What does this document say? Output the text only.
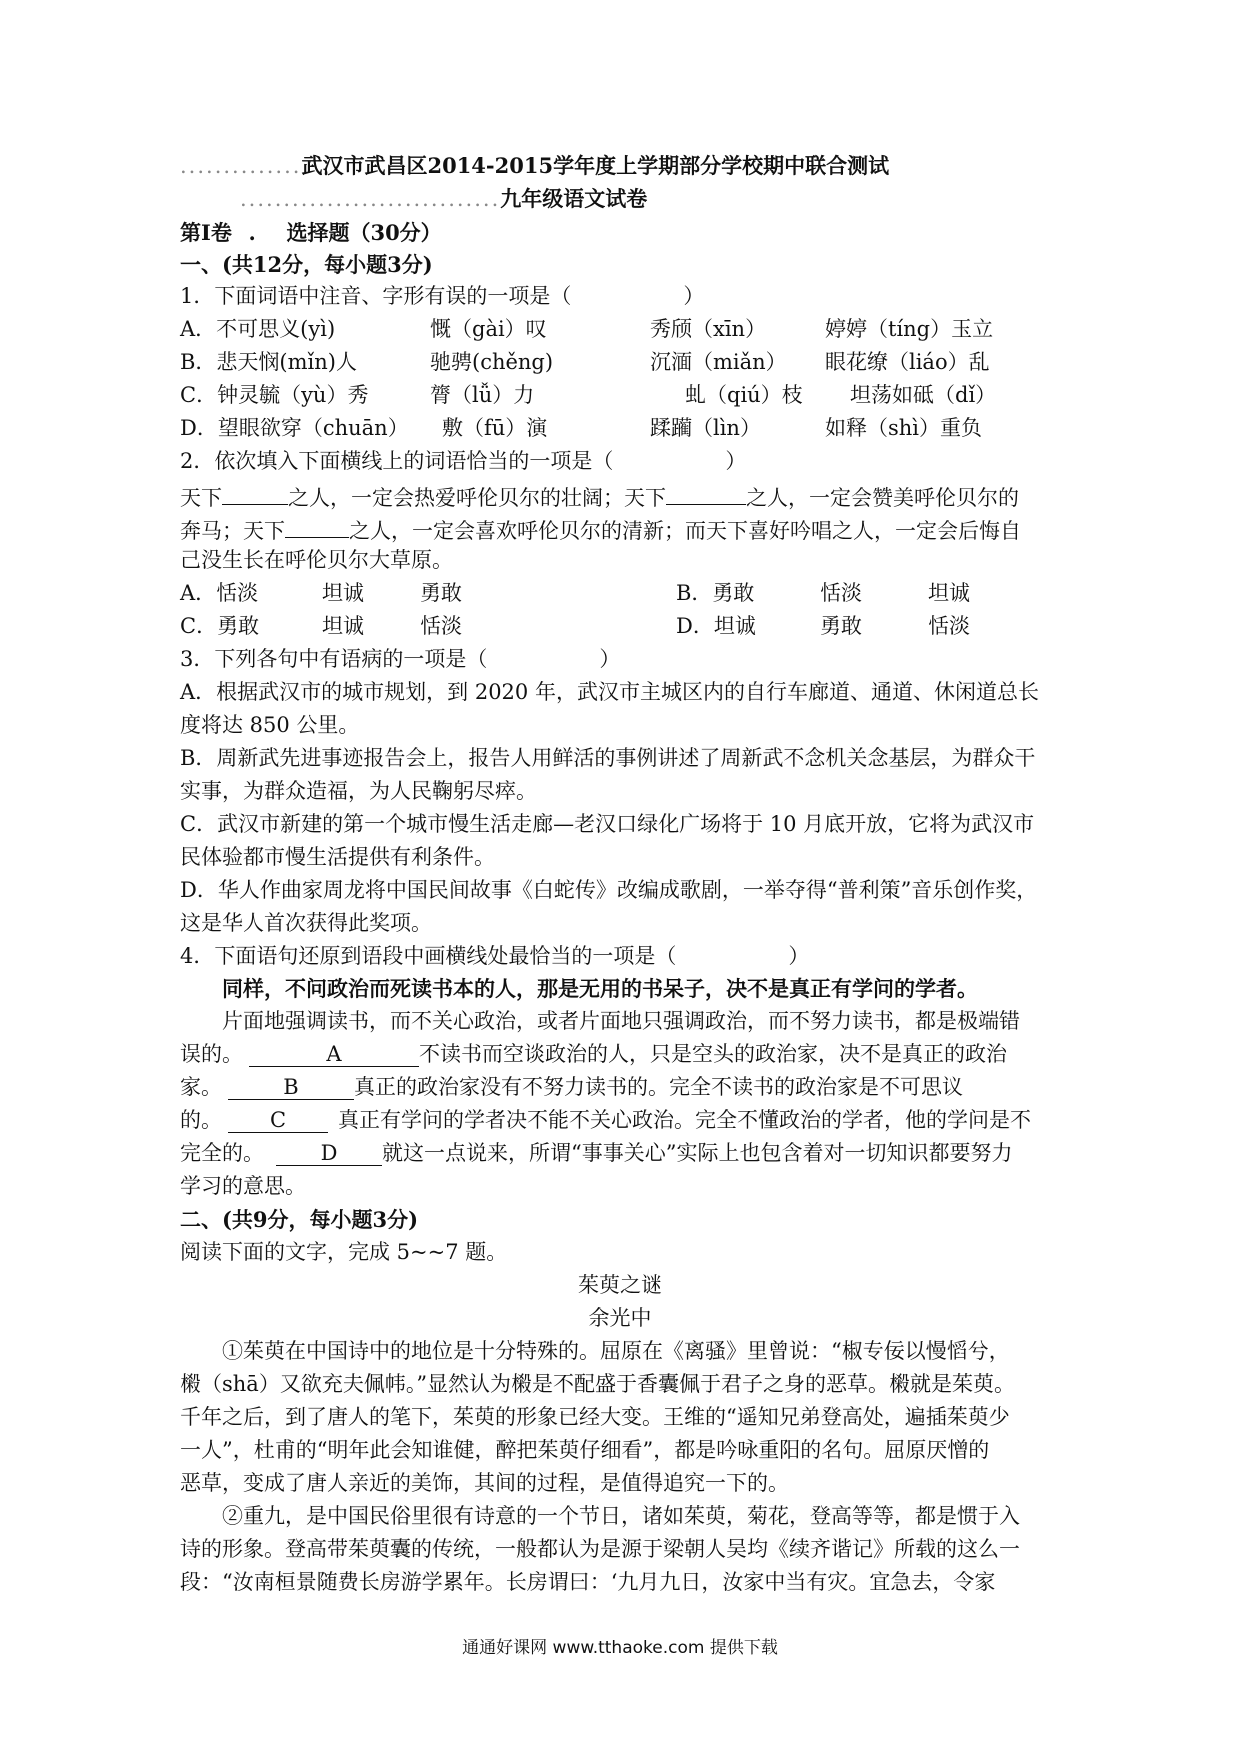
..............武汉市武昌区2014-2015学年度上学期部分学校期中联合测试
..............................九年级语文试卷
第Ⅰ卷 . 选择题（30分）
一、(共12分，每小题3分)
1．下面词语中注音、字形有误的一项是（	）
A．不可思义(yì)	慨（gài）叹	秀颀（xīn）	婷婷（tíng）玉立
B．悲天悯(mǐn)人	驰骋(chěng)	沉湎（miǎn） 眼花缭（liáo）乱
C．钟灵毓（yù）秀	膂（lǚ）力	虬（qiú）枝 坦荡如砥（dǐ）
D．望眼欲穿（chuān） 敷（fū）演	蹂躏（lìn）	如释（shì）重负
2．依次填入下面横线上的词语恰当的一项是（	）
天下	之人，一定会热爱呼伦贝尔的壮阔；天下	之人，一定会赞美呼伦贝尔的
奔马；天下	之人，一定会喜欢呼伦贝尔的清新；而天下喜好吟唱之人，一定会后悔自
己没生长在呼伦贝尔大草原。
A．恬淡	坦诚	勇敢	B．勇敢	恬淡	坦诚
C．勇敢	坦诚	恬淡	D．坦诚	勇敢	恬淡
3．下列各句中有语病的一项是（	）
A．根据武汉市的城市规划，到 2020 年，武汉市主城区内的自行车廊道、通道、休闲道总长
度将达 850 公里。
B．周新武先进事迹报告会上，报告人用鲜活的事例讲述了周新武不念机关念基层，为群众干
实事，为群众造福，为人民鞠躬尽瘁。
C．武汉市新建的第一个城市慢生活走廊—老汉口绿化广场将于 10 月底开放，它将为武汉市
民体验都市慢生活提供有利条件。
D．华人作曲家周龙将中国民间故事《白蛇传》改编成歌剧，一举夺得“普利策”音乐创作奖，
这是华人首次获得此奖项。
4．下面语句还原到语段中画横线处最恰当的一项是（	）
同样，不问政治而死读书本的人，那是无用的书呆子，决不是真正有学问的学者。
片面地强调读书，而不关心政治，或者片面地只强调政治，而不努力读书，都是极端错
误的。	A	不读书而空谈政治的人，只是空头的政治家，决不是真正的政治
家。	B	真正的政治家没有不努力读书的。完全不读书的政治家是不可思议
的。 C 真正有学问的学者决不能不关心政治。完全不懂政治的学者，他的学问是不
完全的。	D 就这一点说来，所谓“事事关心”实际上也包含着对一切知识都要努力
学习的意思。
二、(共9分，每小题3分)
阅读下面的文字，完成 5~~7 题。
茱萸之谜
余光中
①茱萸在中国诗中的地位是十分特殊的。屈原在《离骚》里曾说：“椒专佞以慢慆兮，
樧（shā）又欲充夫佩帏。”显然认为樧是不配盛于香囊佩于君子之身的恶草。樧就是茱萸。
千年之后，到了唐人的笔下，茱萸的形象已经大变。王维的“遥知兄弟登高处，遍插茱萸少
一人”，杜甫的“明年此会知谁健，醉把茱萸仔细看”，都是吟咏重阳的名句。屈原厌憎的
恶草，变成了唐人亲近的美饰，其间的过程，是值得追究一下的。
②重九，是中国民俗里很有诗意的一个节日，诸如茱萸，菊花，登高等等，都是惯于入
诗的形象。登高带茱萸囊的传统，一般都认为是源于梁朝人吴均《续齐谐记》所载的这么一
段：“汝南桓景随费长房游学累年。长房谓曰：‘九月九日，汝家中当有灾。宜急去，令家
通通好课网 www.tthaoke.com 提供下载
